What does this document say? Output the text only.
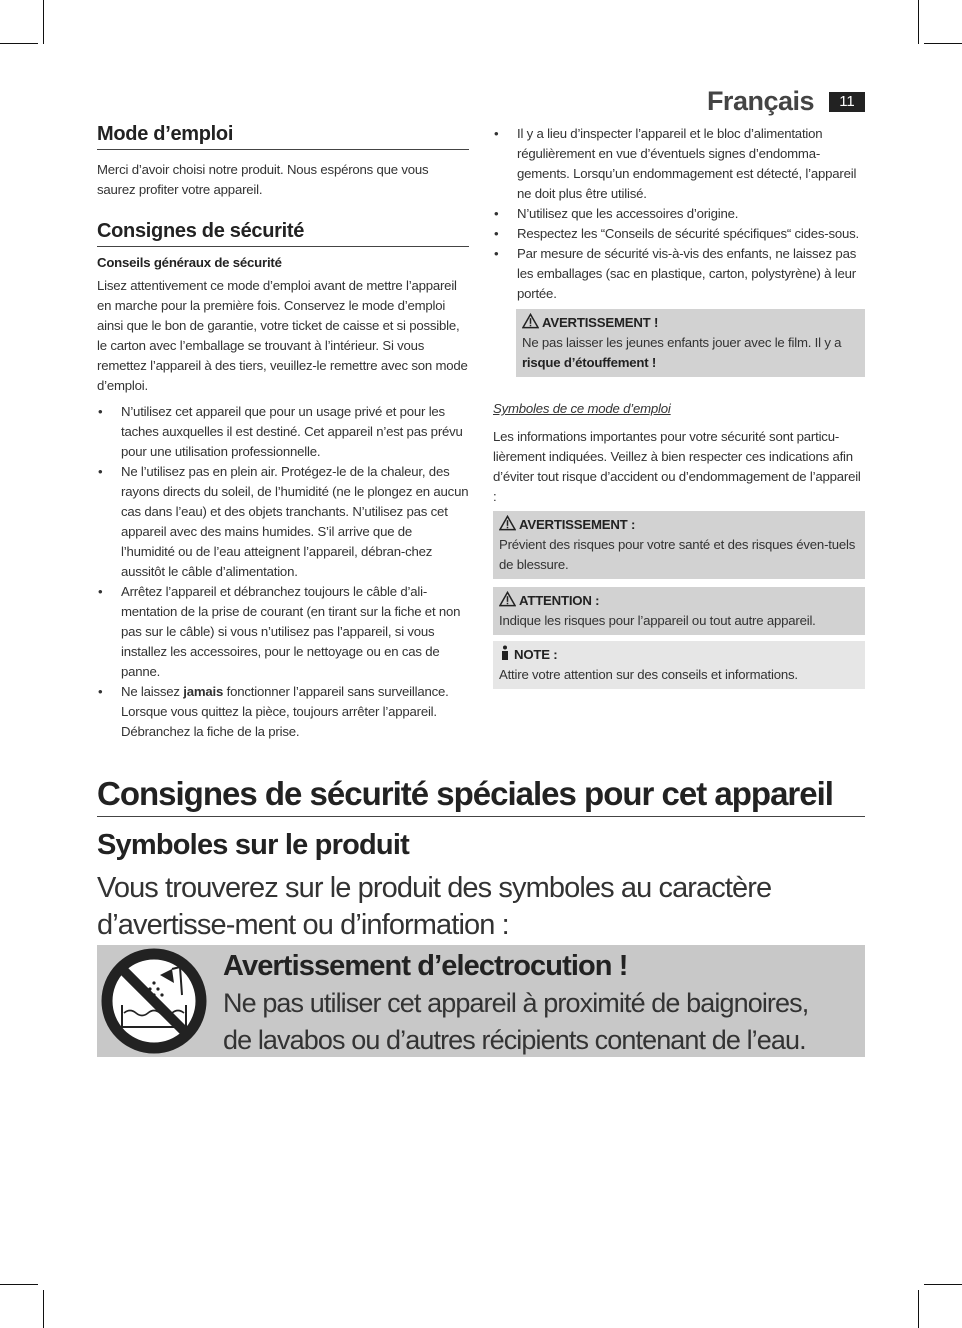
Français	11
Mode d’emploi

Merci d’avoir choisi notre produit. Nous espérons que vous saurez profiter votre appareil.

Consignes de sécurité
Conseils généraux de sécurité

Lisez attentivement ce mode d’emploi avant de mettre l’appareil en marche pour la première fois. Conservez le mode d’emploi ainsi que le bon de garantie, votre ticket de caisse et si possible, le carton avec l’emballage se trouvant à l’intérieur. Si vous remettez l’appareil à des tiers, veuillez-le remettre avec son mode d’emploi.

• N’utilisez cet appareil que pour un usage privé et pour les taches auxquelles il est destiné. Cet appareil n’est pas prévu pour une utilisation professionnelle.
• Ne l’utilisez pas en plein air. Protégez-le de la chaleur, des rayons directs du soleil, de l’humidité (ne le plongez en aucun cas dans l’eau) et des objets tranchants. N’utilisez pas cet appareil avec des mains humides. S’il arrive que de l’humidité ou de l’eau atteignent l’appareil, débran-chez aussitôt le câble d’alimentation.
• Arrêtez l’appareil et débranchez toujours le câble d’ali-mentation de la prise de courant (en tirant sur la fiche et non pas sur le câble) si vous n’utilisez pas l’appareil, si vous installez les accessoires, pour le nettoyage ou en cas de panne.
• Ne laissez jamais fonctionner l’appareil sans surveillance. Lorsque vous quittez la pièce, toujours arrêter l’appareil. Débranchez la fiche de la prise.
• Il y a lieu d’inspecter l’appareil et le bloc d’alimentation régulièrement en vue d’éventuels signes d’endomma-gements. Lorsqu’un endommagement est détecté, l’appareil ne doit plus être utilisé.
• N’utilisez que les accessoires d’origine.
• Respectez les “Conseils de sécurité spécifiques“ cides-sous.
• Par mesure de sécurité vis-à-vis des enfants, ne laissez pas les emballages (sac en plastique, carton, polystyrène) à leur portée.
AVERTISSEMENT !
Ne pas laisser les jeunes enfants jouer avec le film. Il y a
risque d’étouffement !
Symboles de ce mode d’emploi

Les informations importantes pour votre sécurité sont particu-lièrement indiquées. Veillez à bien respecter ces indications afin d’éviter tout risque d’accident ou d’endommagement de l’appareil :

AVERTISSEMENT :
Prévient des risques pour votre santé et des risques éven-tuels de blessure.
ATTENTION :
Indique les risques pour l’appareil ou tout autre appareil.
NOTE :
Attire votre attention sur des conseils et informations.
Consignes de sécurité spéciales pour cet appareil
Symboles sur le produit
Vous trouverez sur le produit des symboles au caractère d’avertisse-ment ou d’information :
Avertissement d’electrocution !
Ne pas utiliser cet appareil à proximité de baignoires,
de lavabos ou d’autres récipients contenant de l’eau.
